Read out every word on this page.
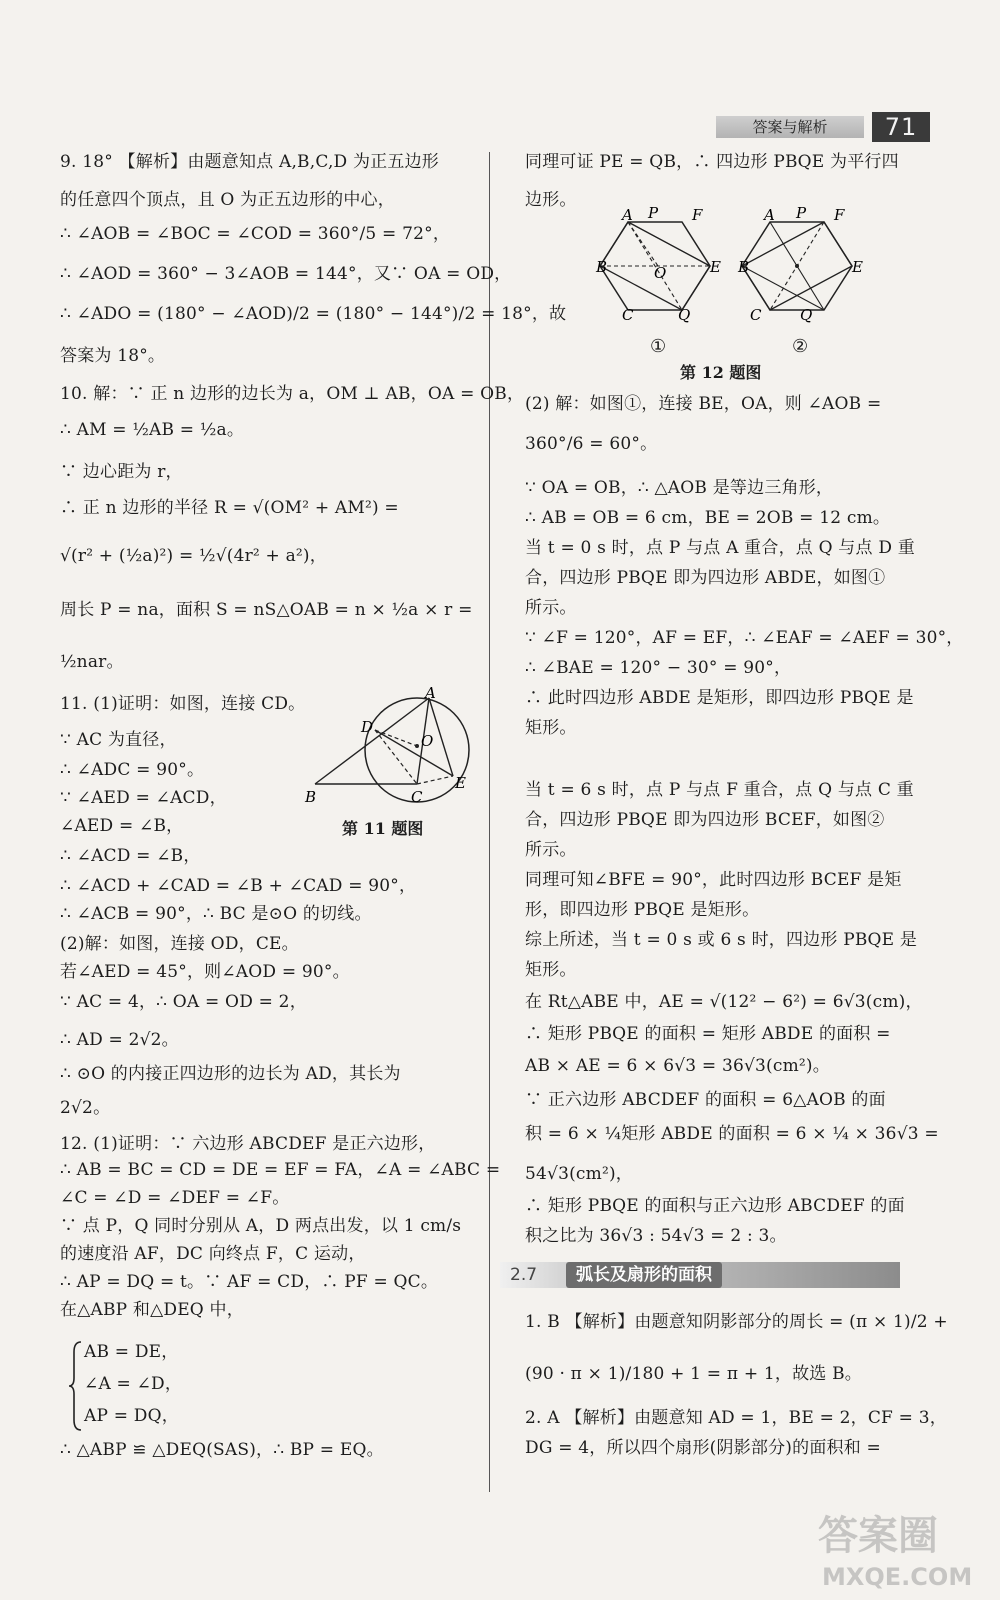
答案与解析	71
9. 18° 【解析】由题意知点 A,B,C,D 为正五边形
的任意四个顶点，且 O 为正五边形的中心，
∴ ∠AOB = ∠BOC = ∠COD = 360°/5 = 72°，
∴ ∠AOD = 360° − 3∠AOB = 144°，又∵ OA = OD，
∴ ∠ADO = (180° − ∠AOD)/2 = (180° − 144°)/2 = 18°，故
答案为 18°。
10. 解：∵ 正 n 边形的边长为 a，OM ⊥ AB，OA = OB，
∴ AM = ½AB = ½a。
∵ 边心距为 r，
∴ 正 n 边形的半径 R = √(OM² + AM²) =
√(r² + (½a)²) = ½√(4r² + a²)，
周长 P = na，面积 S = nS△OAB = n × ½a × r =
½nar。
11. (1)证明：如图，连接 CD。
∵ AC 为直径，
∴ ∠ADC = 90°。
∵ ∠AED = ∠ACD，
∠AED = ∠B，
∴ ∠ACD = ∠B，
∴ ∠ACD + ∠CAD = ∠B + ∠CAD = 90°，
∴ ∠ACB = 90°，∴ BC 是⊙O 的切线。
(2)解：如图，连接 OD，CE。
若∠AED = 45°，则∠AOD = 90°。
∵ AC = 4，∴ OA = OD = 2，
∴ AD = 2√2。
∴ ⊙O 的内接正四边形的边长为 AD，其长为
2√2。
12. (1)证明：∵ 六边形 ABCDEF 是正六边形，
∴ AB = BC = CD = DE = EF = FA，∠A = ∠ABC =
∠C = ∠D = ∠DEF = ∠F。
∵ 点 P，Q 同时分别从 A，D 两点出发，以 1 cm/s
的速度沿 AF，DC 向终点 F，C 运动，
∴ AP = DQ = t。∵ AF = CD，∴ PF = QC。
在△ABP 和△DEQ 中，
AB = DE，
∠A = ∠D，
AP = DQ，
∴ △ABP ≌ △DEQ(SAS)，∴ BP = EQ。
A
B	C
D
E
O
第 11 题图
同理可证 PE = QB，∴ 四边形 PBQE 为平行四
边形。
(2) 解：如图①，连接 BE，OA，则 ∠AOB =
360°/6 = 60°。
∵ OA = OB，∴ △AOB 是等边三角形，
∴ AB = OB = 6 cm，BE = 2OB = 12 cm。
当 t = 0 s 时，点 P 与点 A 重合，点 Q 与点 D 重
合，四边形 PBQE 即为四边形 ABDE，如图①
所示。
∵ ∠F = 120°，AF = EF，∴ ∠EAF = ∠AEF = 30°，
∴ ∠BAE = 120° − 30° = 90°，
∴ 此时四边形 ABDE 是矩形，即四边形 PBQE 是
矩形。
当 t = 6 s 时，点 P 与点 F 重合，点 Q 与点 C 重
合，四边形 PBQE 即为四边形 BCEF，如图②
所示。
同理可知∠BFE = 90°，此时四边形 BCEF 是矩
形，即四边形 PBQE 是矩形。
综上所述，当 t = 0 s 或 6 s 时，四边形 PBQE 是
矩形。
在 Rt△ABE 中，AE = √(12² − 6²) = 6√3(cm)，
∴ 矩形 PBQE 的面积 = 矩形 ABDE 的面积 =
AB × AE = 6 × 6√3 = 36√3(cm²)。
∵ 正六边形 ABCDEF 的面积 = 6△AOB 的面
积 = 6 × ¼矩形 ABDE 的面积 = 6 × ¼ × 36√3 =
54√3(cm²)，
∴ 矩形 PBQE 的面积与正六边形 ABCDEF 的面
积之比为 36√3 : 54√3 = 2 : 3。
1. B 【解析】由题意知阴影部分的周长 = (π × 1)/2 +
(90 · π × 1)/180 + 1 = π + 1，故选 B。
2. A 【解析】由题意知 AD = 1，BE = 2，CF = 3，
DG = 4，所以四个扇形(阴影部分)的面积和 =
A P F
B	E
O
C	Q
A P F
B	E
C	Q
①	②
第 12 题图
2.7	弧长及扇形的面积
答案圈
MXQE.COM
